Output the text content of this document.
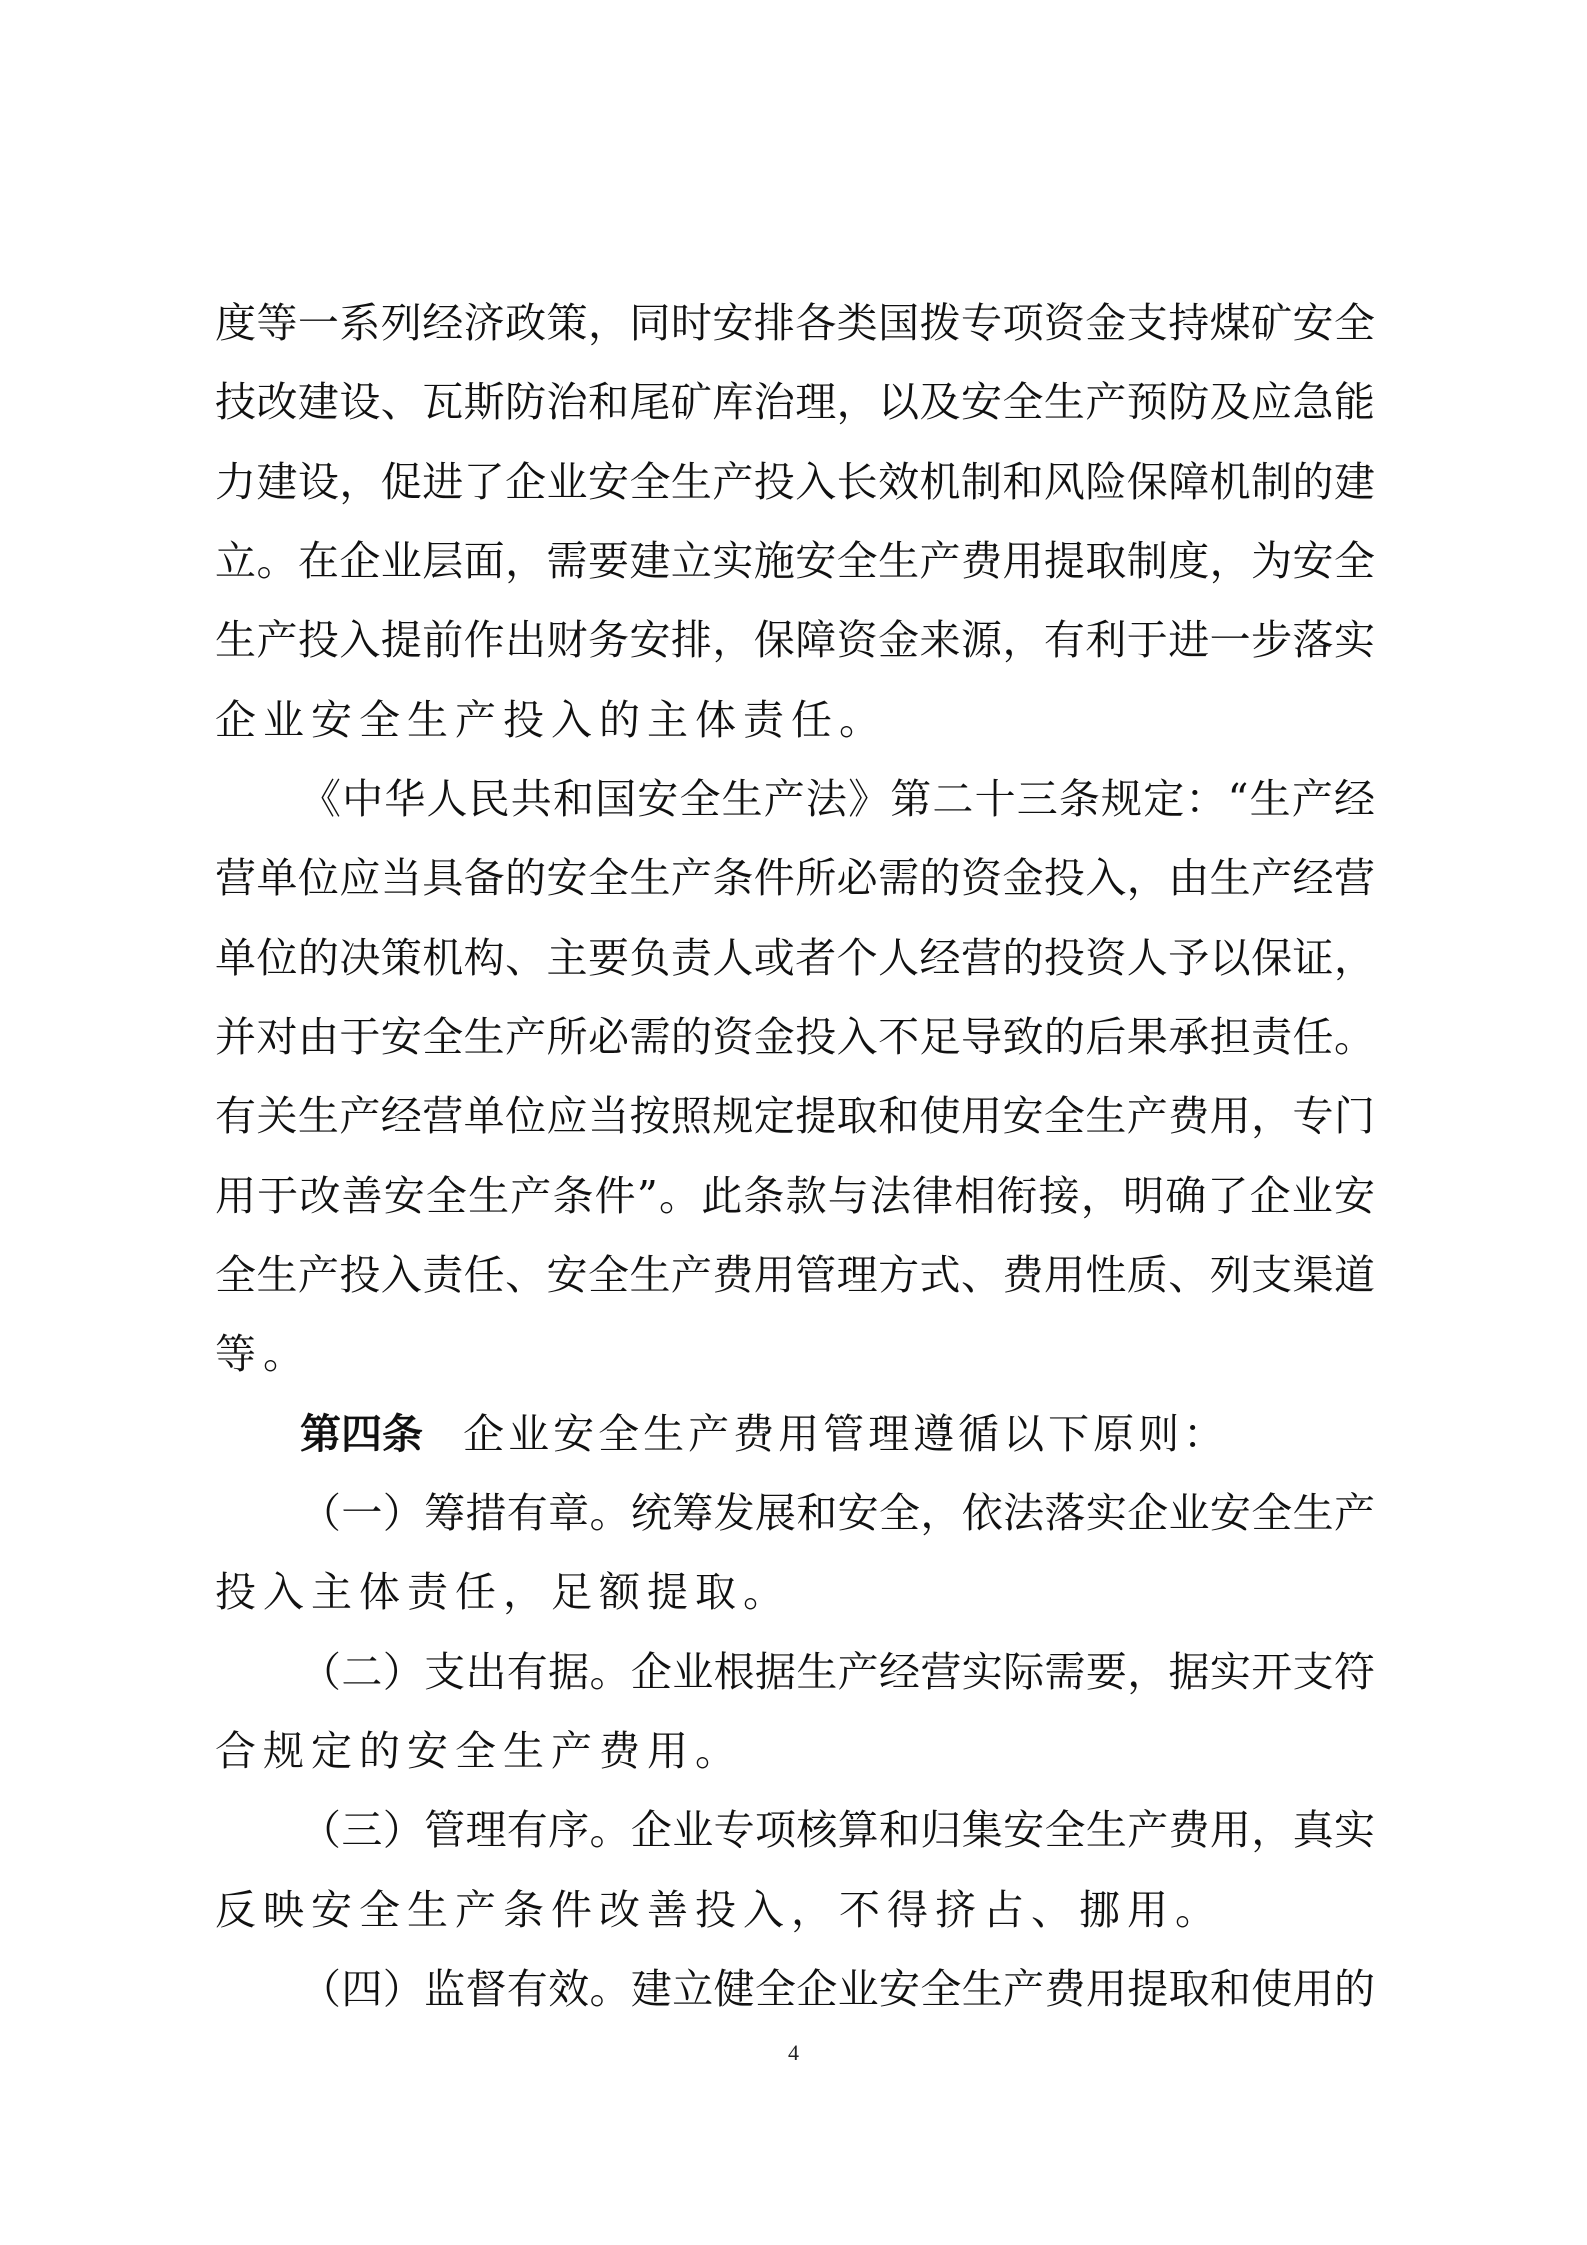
度等一系列经济政策，同时安排各类国拨专项资金支持煤矿安全
技改建设、瓦斯防治和尾矿库治理，以及安全生产预防及应急能
力建设，促进了企业安全生产投入长效机制和风险保障机制的建
立。在企业层面，需要建立实施安全生产费用提取制度，为安全
生产投入提前作出财务安排，保障资金来源，有利于进一步落实
企业安全生产投入的主体责任。
《中华人民共和国安全生产法》第二十三条规定：“生产经
营单位应当具备的安全生产条件所必需的资金投入，由生产经营
单位的决策机构、主要负责人或者个人经营的投资人予以保证，
并对由于安全生产所必需的资金投入不足导致的后果承担责任。
有关生产经营单位应当按照规定提取和使用安全生产费用，专门
用于改善安全生产条件”。此条款与法律相衔接，明确了企业安
全生产投入责任、安全生产费用管理方式、费用性质、列支渠道
等。
第四条 企业安全生产费用管理遵循以下原则：
（一）筹措有章。统筹发展和安全，依法落实企业安全生产
投入主体责任，足额提取。
（二）支出有据。企业根据生产经营实际需要，据实开支符
合规定的安全生产费用。
（三）管理有序。企业专项核算和归集安全生产费用，真实
反映安全生产条件改善投入，不得挤占、挪用。
（四）监督有效。建立健全企业安全生产费用提取和使用的
4
